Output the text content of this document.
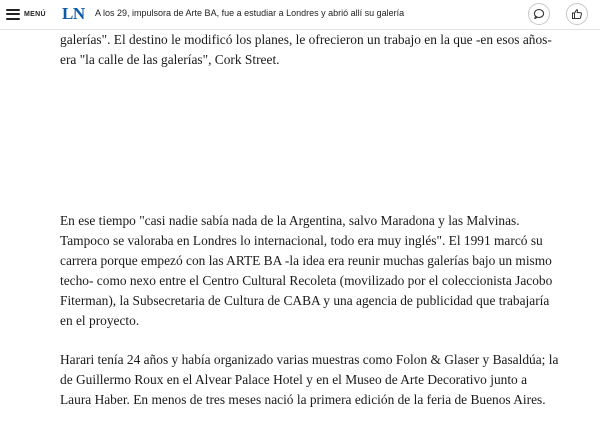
MENÚ LN A los 29, impulsora de Arte BA, fue a estudiar a Londres y abrió allí su galería

galerías". El destino le modificó los planes, le ofrecieron un trabajo en la que -en esos años- era "la calle de las galerías", Cork Street.

En ese tiempo "casi nadie sabía nada de la Argentina, salvo Maradona y las Malvinas. Tampoco se valoraba en Londres lo internacional, todo era muy inglés". El 1991 marcó su carrera porque empezó con las ARTE BA -la idea era reunir muchas galerías bajo un mismo techo- como nexo entre el Centro Cultural Recoleta (movilizado por el coleccionista Jacobo Fiterman), la Subsecretaria de Cultura de CABA y una agencia de publicidad que trabajaría en el proyecto.

Harari tenía 24 años y había organizado varias muestras como Folon & Glaser y Basaldúa; la de Guillermo Roux en el Alvear Palace Hotel y en el Museo de Arte Decorativo junto a Laura Haber. En menos de tres meses nació la primera edición de la feria de Buenos Aires.
